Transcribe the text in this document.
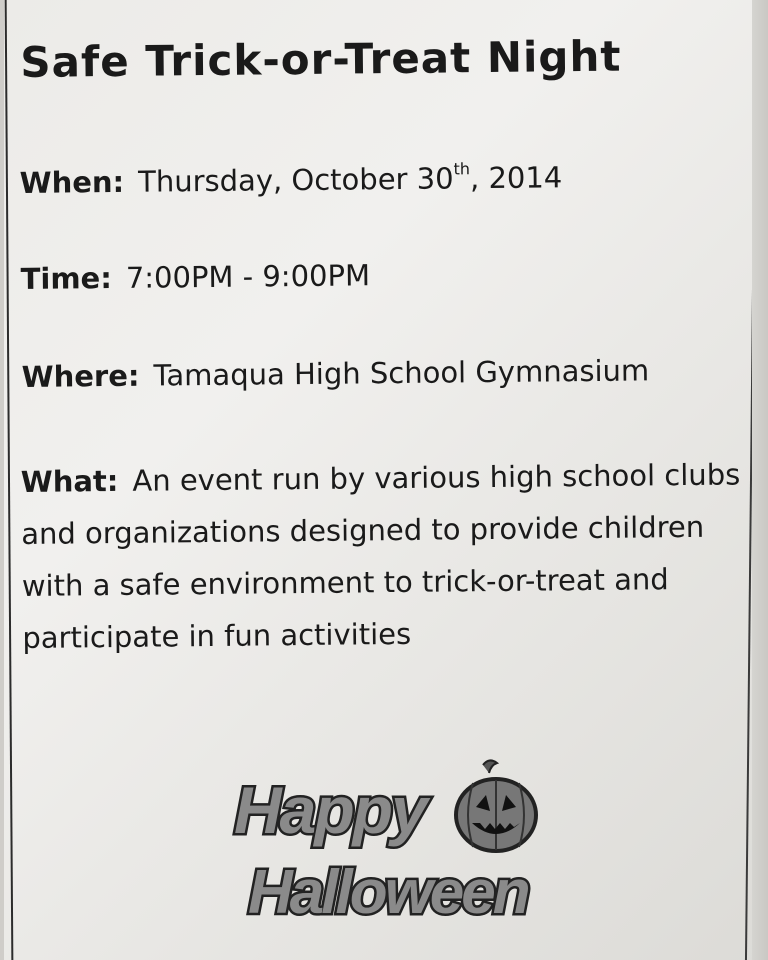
Safe Trick-or-Treat Night
When: Thursday, October 30th, 2014
Time: 7:00PM - 9:00PM
Where: Tamaqua High School Gymnasium
What: An event run by various high school clubs and organizations designed to provide children with a safe environment to trick-or-treat and participate in fun activities
Happy
Halloween
